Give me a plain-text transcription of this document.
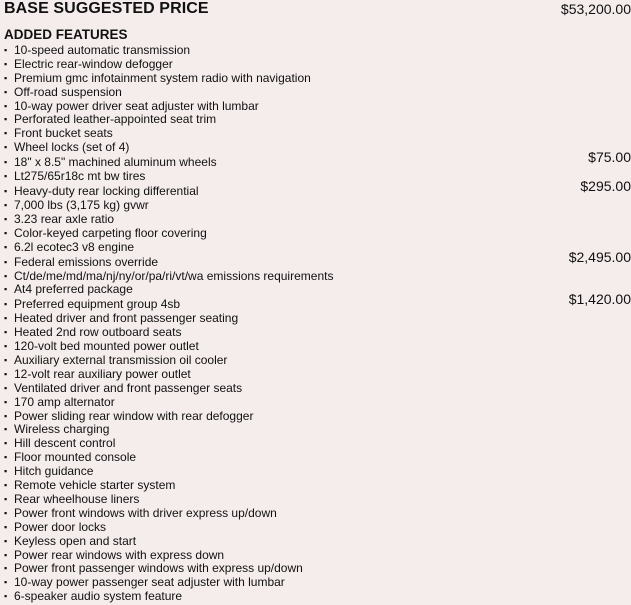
BASE SUGGESTED PRICE	$53,200.00
ADDED FEATURES
▪ 10-speed automatic transmission
▪ Electric rear-window defogger
▪ Premium gmc infotainment system radio with navigation
▪ Off-road suspension
▪ 10-way power driver seat adjuster with lumbar
▪ Perforated leather-appointed seat trim
▪ Front bucket seats
▪ Wheel locks (set of 4)
▪ 18" x 8.5" machined aluminum wheels	$75.00
▪ Lt275/65r18c mt bw tires
▪ Heavy-duty rear locking differential	$295.00
▪ 7,000 lbs (3,175 kg) gvwr
▪ 3.23 rear axle ratio
▪ Color-keyed carpeting floor covering
▪ 6.2l ecotec3 v8 engine
▪ Federal emissions override	$2,495.00
▪ Ct/de/me/md/ma/nj/ny/or/pa/ri/vt/wa emissions requirements
▪ At4 preferred package
▪ Preferred equipment group 4sb	$1,420.00
▪ Heated driver and front passenger seating
▪ Heated 2nd row outboard seats
▪ 120-volt bed mounted power outlet
▪ Auxiliary external transmission oil cooler
▪ 12-volt rear auxiliary power outlet
▪ Ventilated driver and front passenger seats
▪ 170 amp alternator
▪ Power sliding rear window with rear defogger
▪ Wireless charging
▪ Hill descent control
▪ Floor mounted console
▪ Hitch guidance
▪ Remote vehicle starter system
▪ Rear wheelhouse liners
▪ Power front windows with driver express up/down
▪ Power door locks
▪ Keyless open and start
▪ Power rear windows with express down
▪ Power front passenger windows with express up/down
▪ 10-way power passenger seat adjuster with lumbar
▪ 6-speaker audio system feature
